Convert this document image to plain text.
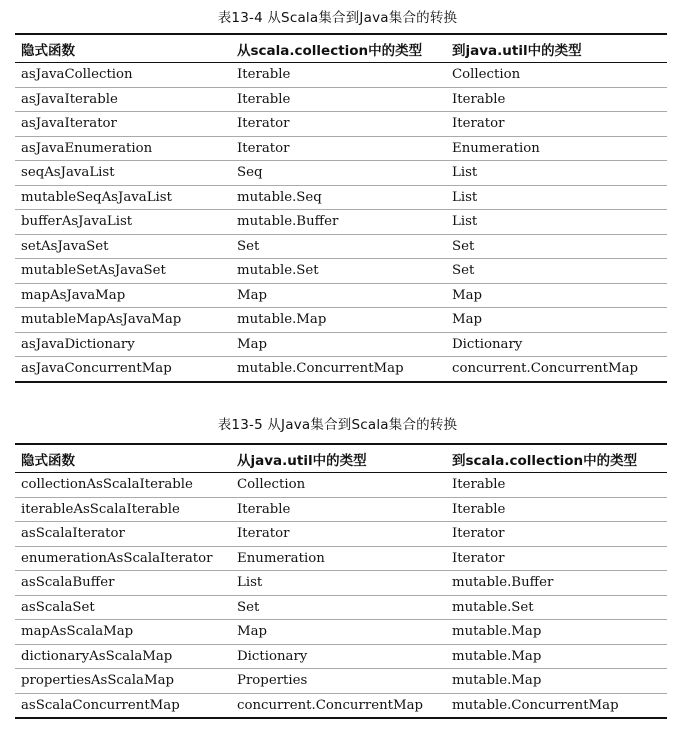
表13-4 从Scala集合到Java集合的转换
隐式函数	从scala.collection中的类型	到java.util中的类型
asJavaCollection	Iterable	Collection
asJavaIterable	Iterable	Iterable
asJavaIterator	Iterator	Iterator
asJavaEnumeration	Iterator	Enumeration
seqAsJavaList	Seq	List
mutableSeqAsJavaList	mutable.Seq	List
bufferAsJavaList	mutable.Buffer	List
setAsJavaSet	Set	Set
mutableSetAsJavaSet	mutable.Set	Set
mapAsJavaMap	Map	Map
mutableMapAsJavaMap	mutable.Map	Map
asJavaDictionary	Map	Dictionary
asJavaConcurrentMap	mutable.ConcurrentMap	concurrent.ConcurrentMap
表13-5 从Java集合到Scala集合的转换
隐式函数	从java.util中的类型	到scala.collection中的类型
collectionAsScalaIterable	Collection	Iterable
iterableAsScalaIterable	Iterable	Iterable
asScalaIterator	Iterator	Iterator
enumerationAsScalaIterator	Enumeration	Iterator
asScalaBuffer	List	mutable.Buffer
asScalaSet	Set	mutable.Set
mapAsScalaMap	Map	mutable.Map
dictionaryAsScalaMap	Dictionary	mutable.Map
propertiesAsScalaMap	Properties	mutable.Map
asScalaConcurrentMap	concurrent.ConcurrentMap	mutable.ConcurrentMap
